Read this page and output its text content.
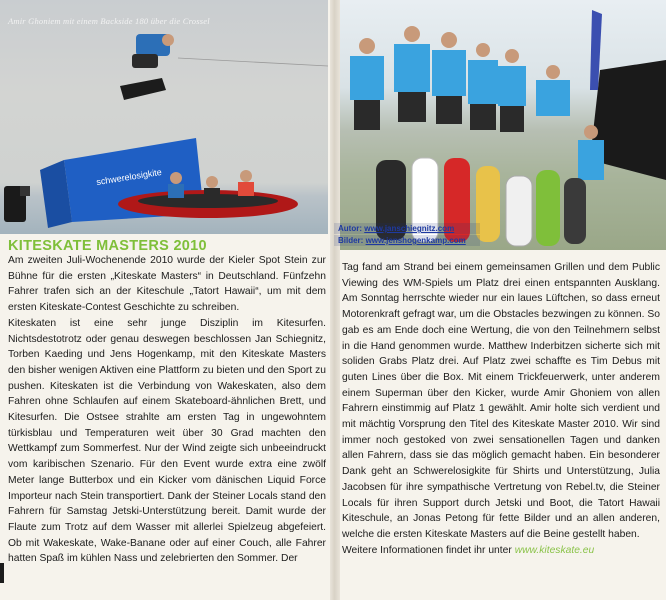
Amir Ghoniem mit einem Backside 180 über die Crossel
schwerelosigkite
Autor: www.janschiegnitz.com
Bilder: www.jenshogenkamp.com
KITESKATE MASTERS 2010

Am zweiten Juli-Wochenende 2010 wurde der Kieler Spot Stein zur Bühne für die ersten „Kiteskate Masters“ in Deutschland. Fünfzehn Fahrer trafen sich an der Kiteschule „Tatort Hawaii“, um mit dem ersten Kiteskate-Contest Geschichte zu schreiben.

Kiteskaten ist eine sehr junge Disziplin im Kitesurfen. Nichtsdestotrotz oder genau deswegen beschlossen Jan Schiegnitz, Torben Kaeding und Jens Hogenkamp, mit den Kiteskate Masters den bisher wenigen Aktiven eine Plattform zu bieten und den Sport zu pushen. Kiteskaten ist die Verbindung von Wakeskaten, also dem Fahren ohne Schlaufen auf einem Skateboard-ähnlichen Brett, und Kitesurfen. Die Ostsee strahlte am ersten Tag in ungewohntem türkisblau und Temperaturen weit über 30 Grad machten den Wettkampf zum Sommerfest. Nur der Wind zeigte sich unbeeindruckt vom karibischen Szenario. Für den Event wurde extra eine zwölf Meter lange Butterbox und ein Kicker vom dänischen Liquid Force Importeur nach Stein transportiert. Dank der Steiner Locals stand den Fahrern für Samstag Jetski-Unterstützung bereit. Damit wurde der Flaute zum Trotz auf dem Wasser mit allerlei Spielzeug abgefeiert. Ob mit Wakeskate, Wake-Banane oder auf einer Couch, alle Fahrer hatten Spaß im kühlen Nass und zelebrierten den Sommer. Der

Tag fand am Strand bei einem gemeinsamen Grillen und dem Public Viewing des WM-Spiels um Platz drei einen entspannten Ausklang. Am Sonntag herrschte wieder nur ein laues Lüftchen, so dass erneut Motorenkraft gefragt war, um die Obstacles bezwingen zu können. So gab es am Ende doch eine Wertung, die von den Teilnehmern selbst in die Hand genommen wurde. Matthew Inderbitzen sicherte sich mit soliden Grabs Platz drei. Auf Platz zwei schaffte es Tim Debus mit guten Lines über die Box. Mit einem Trickfeuerwerk, unter anderem einem Superman über den Kicker, wurde Amir Ghoniem von allen Fahrern einstimmig auf Platz 1 gewählt. Amir holte sich verdient und mit mächtig Vorsprung den Titel des Kiteskate Master 2010. Wir sind immer noch gestoked von zwei sensationellen Tagen und danken allen Fahrern, dass sie das möglich gemacht haben. Ein besonderer Dank geht an Schwerelosigkite für Shirts und Unterstützung, Julia Jacobsen für ihre sympathische Vertretung von Rebel.tv, die Steiner Locals für ihren Support durch Jetski und Boot, die Tatort Hawaii Kiteschule, an Jonas Petong für fette Bilder und an allen anderen, welche die ersten Kiteskate Masters auf die Beine gestellt haben.

Weitere Informationen findet ihr unter www.kiteskate.eu
